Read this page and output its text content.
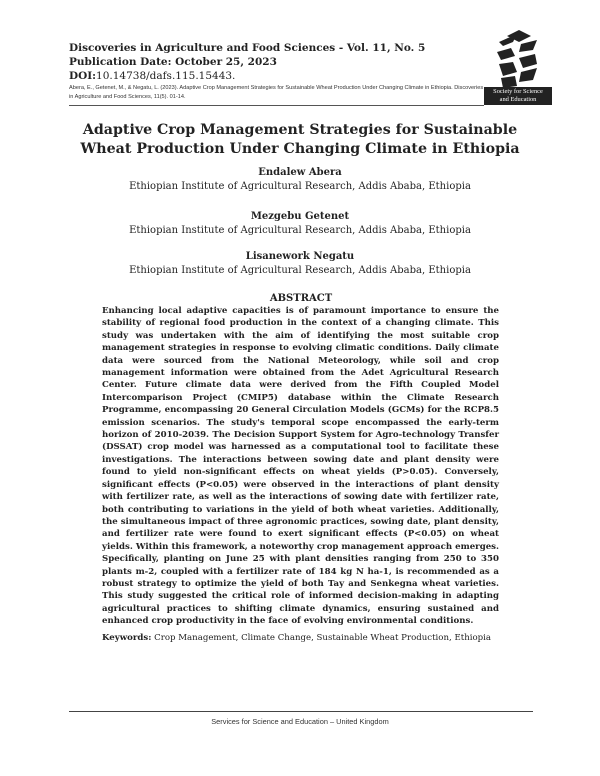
Discoveries in Agriculture and Food Sciences - Vol. 11, No. 5

Publication Date: October 25, 2023

DOI:10.14738/dafs.115.15443.

Abera, E., Getenet, M., & Negatu, L. (2023). Adaptive Crop Management Strategies for Sustainable Wheat Production Under Changing Climate in Ethiopia. Discoveries in Agriculture and Food Sciences, 11(5). 01-14.
Society for Science
and Education
Adaptive Crop Management Strategies for Sustainable Wheat Production Under Changing Climate in Ethiopia
Endalew Abera
Ethiopian Institute of Agricultural Research, Addis Ababa, Ethiopia
Mezgebu Getenet
Ethiopian Institute of Agricultural Research, Addis Ababa, Ethiopia
Lisanework Negatu
Ethiopian Institute of Agricultural Research, Addis Ababa, Ethiopia
ABSTRACT

Enhancing local adaptive capacities is of paramount importance to ensure the stability of regional food production in the context of a changing climate. This study was undertaken with the aim of identifying the most suitable crop management strategies in response to evolving climatic conditions. Daily climate data were sourced from the National Meteorology, while soil and crop management information were obtained from the Adet Agricultural Research Center. Future climate data were derived from the Fifth Coupled Model Intercomparison Project (CMIP5) database within the Climate Research Programme, encompassing 20 General Circulation Models (GCMs) for the RCP8.5 emission scenarios. The study's temporal scope encompassed the early-term horizon of 2010-2039. The Decision Support System for Agro-technology Transfer (DSSAT) crop model was harnessed as a computational tool to facilitate these investigations. The interactions between sowing date and plant density were found to yield non-significant effects on wheat yields (P>0.05). Conversely, significant effects (P<0.05) were observed in the interactions of plant density with fertilizer rate, as well as the interactions of sowing date with fertilizer rate, both contributing to variations in the yield of both wheat varieties. Additionally, the simultaneous impact of three agronomic practices, sowing date, plant density, and fertilizer rate were found to exert significant effects (P<0.05) on wheat yields. Within this framework, a noteworthy crop management approach emerges. Specifically, planting on June 25 with plant densities ranging from 250 to 350 plants m-2, coupled with a fertilizer rate of 184 kg N ha-1, is recommended as a robust strategy to optimize the yield of both Tay and Senkegna wheat varieties. This study suggested the critical role of informed decision-making in adapting agricultural practices to shifting climate dynamics, ensuring sustained and enhanced crop productivity in the face of evolving environmental conditions.

Keywords: Crop Management, Climate Change, Sustainable Wheat Production, Ethiopia
Services for Science and Education – United Kingdom
